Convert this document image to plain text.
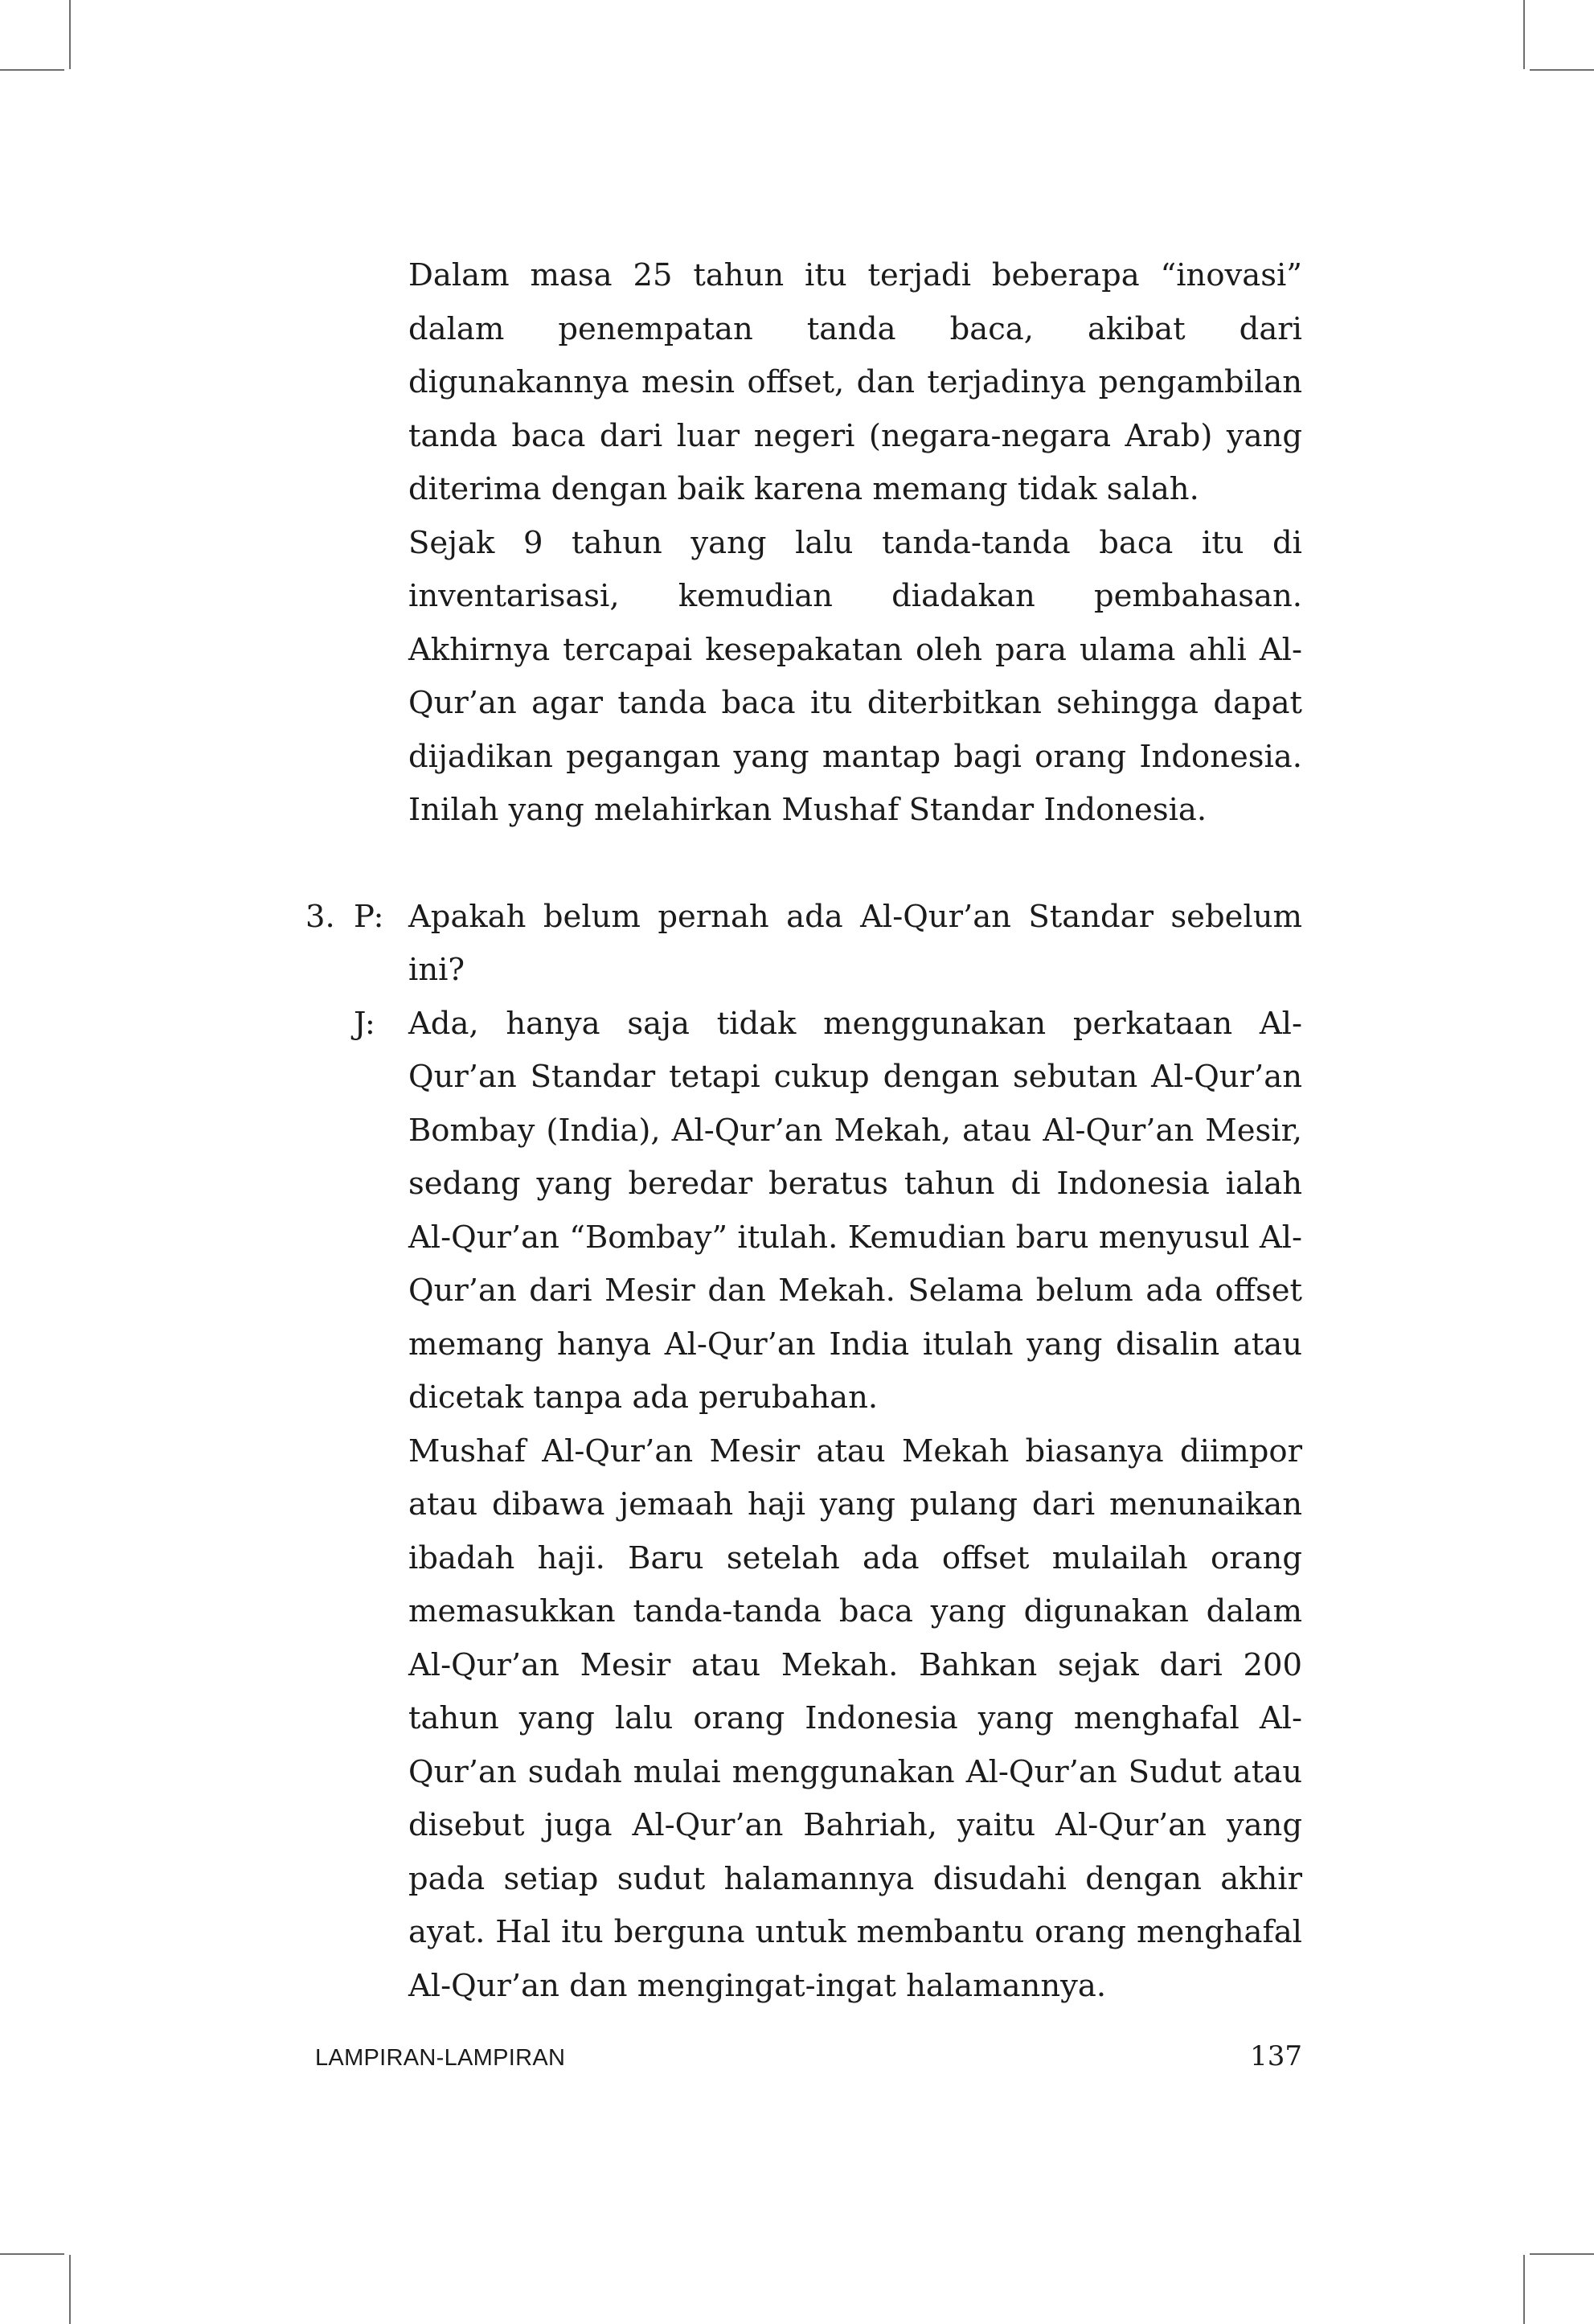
Dalam masa 25 tahun itu terjadi beberapa “inovasi” dalam penempatan tanda baca, akibat dari digunakannya mesin offset, dan terjadinya pengambilan tanda baca dari luar negeri (negara-negara Arab) yang diterima dengan baik karena memang tidak salah.

Sejak 9 tahun yang lalu tanda-tanda baca itu di inventarisasi, kemudian diadakan pembahasan. Akhirnya tercapai kesepakatan oleh para ulama ahli Al-Qur’an agar tanda baca itu diterbitkan sehingga dapat dijadikan pegangan yang mantap bagi orang Indonesia. Inilah yang melahirkan Mushaf Standar Indonesia.

3. P: Apakah belum pernah ada Al-Qur’an Standar sebelum ini?
J:	Ada, hanya saja tidak menggunakan perkataan Al-Qur’an Standar tetapi cukup dengan sebutan Al-Qur’an Bombay (India), Al-Qur’an Mekah, atau Al-Qur’an Mesir, sedang yang beredar beratus tahun di Indonesia ialah Al-Qur’an “Bombay” itulah. Kemudian baru menyusul Al-Qur’an dari Mesir dan Mekah. Selama belum ada offset memang hanya Al-Qur’an India itulah yang disalin atau dicetak tanpa ada perubahan.

Mushaf Al-Qur’an Mesir atau Mekah biasanya diimpor atau dibawa jemaah haji yang pulang dari menunaikan ibadah haji. Baru setelah ada offset mulailah orang memasukkan tanda-tanda baca yang digunakan dalam Al-Qur’an Mesir atau Mekah. Bahkan sejak dari 200 tahun yang lalu orang Indonesia yang menghafal Al-Qur’an sudah mulai menggunakan Al-Qur’an Sudut atau disebut juga Al-Qur’an Bahriah, yaitu Al-Qur’an yang pada setiap sudut halamannya disudahi dengan akhir ayat. Hal itu berguna untuk membantu orang menghafal Al-Qur’an dan mengingat-ingat halamannya.

LAMPIRAN-LAMPIRAN	137
